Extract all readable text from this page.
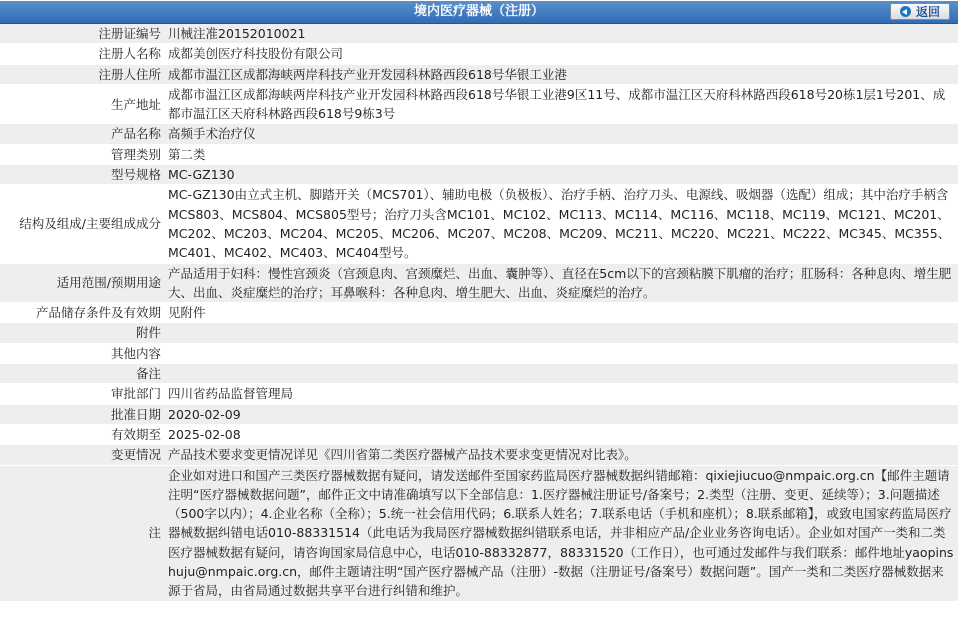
境内医疗器械（注册）	返回
注册证编号	川械注准20152010021
注册人名称	成都美创医疗科技股份有限公司
注册人住所	成都市温江区成都海峡两岸科技产业开发园科林路西段618号华银工业港
生产地址	成都市温江区成都海峡两岸科技产业开发园科林路西段618号华银工业港9区11号、成都市温江区天府科林路西段618号20栋1层1号201、成都市温江区天府科林路西段618号9栋3号
产品名称	高频手术治疗仪
管理类别	第二类
型号规格	MC-GZ130
结构及组成/主要组成成分	MC-GZ130由立式主机、脚踏开关（MCS701）、辅助电极（负极板）、治疗手柄、治疗刀头、电源线、吸烟器（选配）组成；其中治疗手柄含MCS803、MCS804、MCS805型号；治疗刀头含MC101、MC102、MC113、MC114、MC116、MC118、MC119、MC121、MC201、MC202、MC203、MC204、MC205、MC206、MC207、MC208、MC209、MC211、MC220、MC221、MC222、MC345、MC355、MC401、MC402、MC403、MC404型号。
适用范围/预期用途	产品适用于妇科：慢性宫颈炎（宫颈息肉、宫颈糜烂、出血、囊肿等）、直径在5cm以下的宫颈粘膜下肌瘤的治疗；肛肠科：各种息肉、增生肥大、出血、炎症糜烂的治疗；耳鼻喉科：各种息肉、增生肥大、出血、炎症糜烂的治疗。
产品储存条件及有效期	见附件
附件	
其他内容	
备注	
审批部门	四川省药品监督管理局
批准日期	2020-02-09
有效期至	2025-02-08
变更情况	产品技术要求变更情况详见《四川省第二类医疗器械产品技术要求变更情况对比表》。
注	企业如对进口和国产三类医疗器械数据有疑问，请发送邮件至国家药监局医疗器械数据纠错邮箱：qixiejiucuo@nmpaic.org.cn【邮件主题请注明“医疗器械数据问题”，邮件正文中请准确填写以下全部信息：1.医疗器械注册证号/备案号；2.类型（注册、变更、延续等）；3.问题描述（500字以内）；4.企业名称（全称）；5.统一社会信用代码；6.联系人姓名；7.联系电话（手机和座机）；8.联系邮箱】，或致电国家药监局医疗器械数据纠错电话010-88331514（此电话为我局医疗器械数据纠错联系电话，并非相应产品/企业业务咨询电话）。企业如对国产一类和二类医疗器械数据有疑问，请咨询国家局信息中心，电话010-88332877，88331520（工作日），也可通过发邮件与我们联系：邮件地址yaopinshuju@nmpaic.org.cn，邮件主题请注明“国产医疗器械产品（注册）-数据（注册证号/备案号）数据问题”。国产一类和二类医疗器械数据来源于省局，由省局通过数据共享平台进行纠错和维护。
